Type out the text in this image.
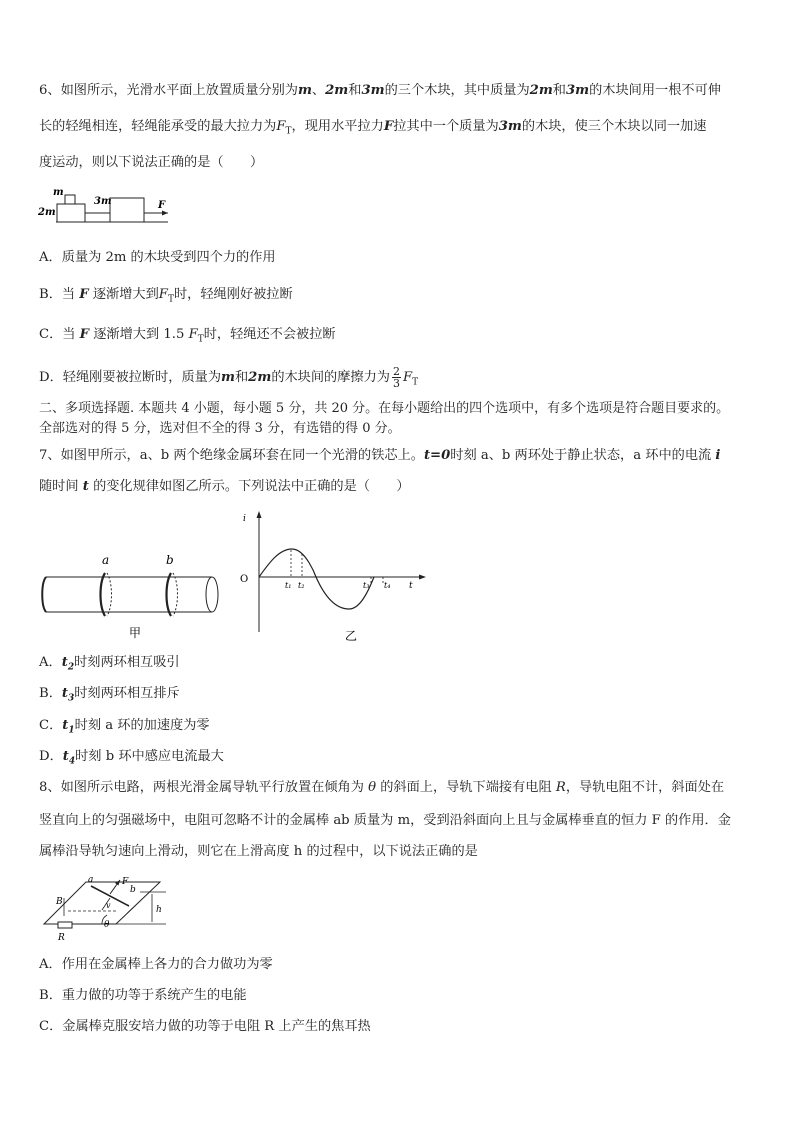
6、如图所示，光滑水平面上放置质量分别为m、2m和3m的三个木块，其中质量为2m和3m的木块间用一根不可伸
长的轻绳相连，轻绳能承受的最大拉力为$F_T$，现用水平拉力F拉其中一个质量为3m的木块，使三个木块以同一加速
度运动，则以下说法正确的是（　　）
m
2m
3m	F
A．质量为 2m 的木块受到四个力的作用
B．当 F 逐渐增大到$F_T$时，轻绳刚好被拉断
C．当 F 逐渐增大到 1.5 $F_T$时，轻绳还不会被拉断
D．轻绳刚要被拉断时，质量为m和2m的木块间的摩擦力为 $\frac{2}{3} F_T$
二、多项选择题. 本题共 4 小题，每小题 5 分，共 20 分。在每小题给出的四个选项中，有多个选项是符合题目要求的。
全部选对的得 5 分，选对但不全的得 3 分，有选错的得 0 分。
7、如图甲所示，a、b 两个绝缘金属环套在同一个光滑的铁芯上。t=0时刻 a、b 两环处于静止状态，a 环中的电流 i
随时间 t 的变化规律如图乙所示。下列说法中正确的是（　　）
a	b
甲
i
O
t
t₁ t₂	t₃ t₄
乙
A．$t_2$时刻两环相互吸引
B．$t_3$时刻两环相互排斥
C．$t_1$时刻 a 环的加速度为零
D．$t_4$时刻 b 环中感应电流最大
8、如图所示电路，两根光滑金属导轨平行放置在倾角为 θ 的斜面上，导轨下端接有电阻 R，导轨电阻不计，斜面处在
竖直向上的匀强磁场中，电阻可忽略不计的金属棒 ab 质量为 m，受到沿斜面向上且与金属棒垂直的恒力 F 的作用．金
属棒沿导轨匀速向上滑动，则它在上滑高度 h 的过程中，以下说法正确的是
a	F
b
B	v	h
θ
R
A．作用在金属棒上各力的合力做功为零
B．重力做的功等于系统产生的电能
C．金属棒克服安培力做的功等于电阻 R 上产生的焦耳热
